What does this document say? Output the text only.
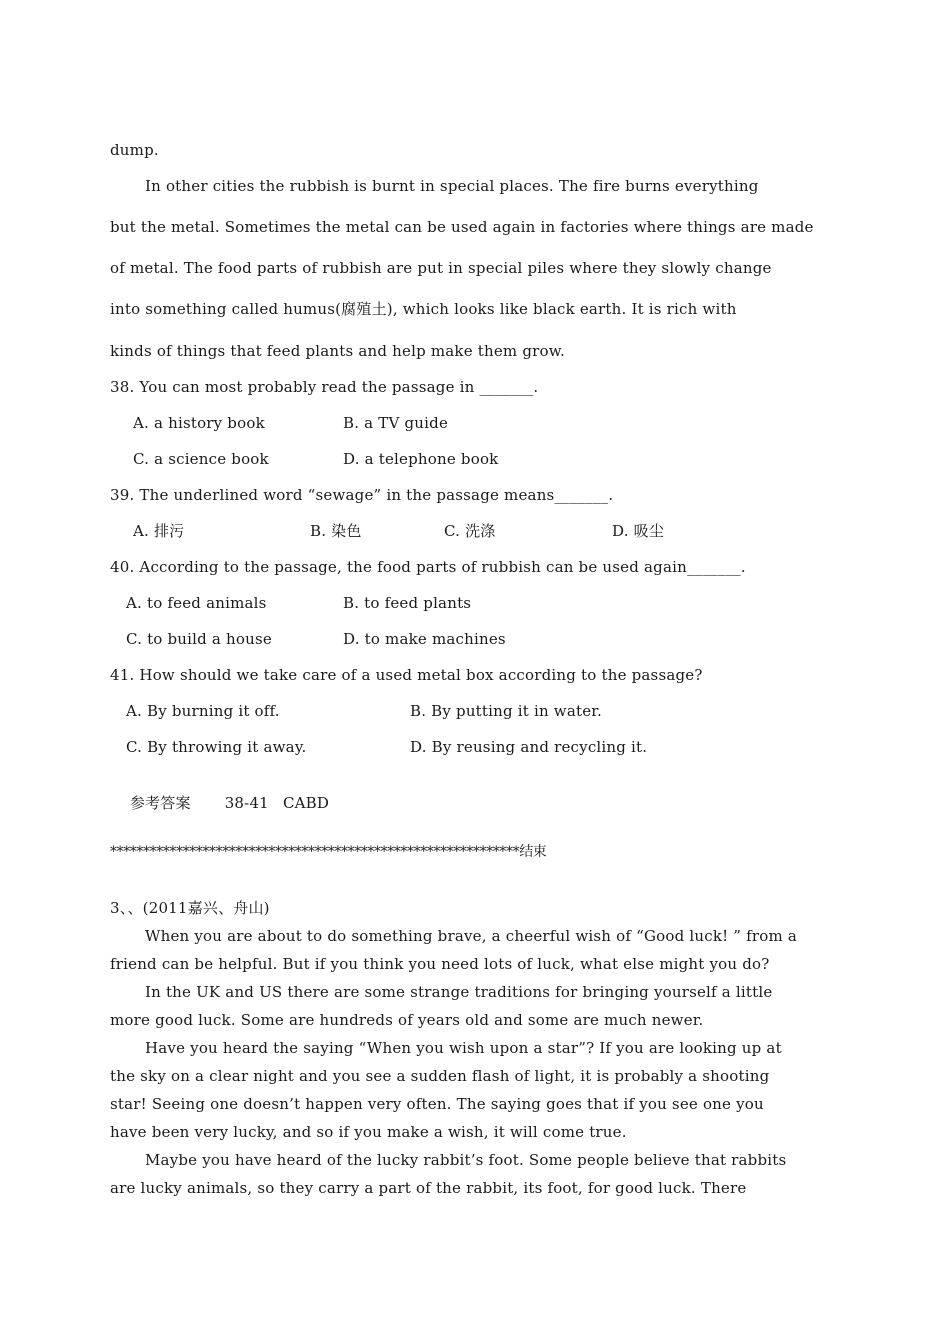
dump.
In other cities the rubbish is burnt in special places. The fire burns everything
but the metal. Sometimes the metal can be used again in factories where things are made
of metal. The food parts of rubbish are put in special piles where they slowly change
into something called humus(腐殖土), which looks like black earth. It is rich with
kinds of things that feed plants and help make them grow.
38. You can most probably read the passage in _______.
A. a history book	B. a TV guide
C. a science book	D. a telephone book
39. The underlined word “sewage” in the passage means_______.
A. 排污	B. 染色	C. 洗涤	D. 吸尘
40. According to the passage, the food parts of rubbish can be used again_______.
A. to feed animals	B. to feed plants
C. to build a house	D. to make machines
41. How should we take care of a used metal box according to the passage?
A. By burning it off.	B. By putting it in water.
C. By throwing it away.	D. By reusing and recycling it.

参考答案 38-41 CABD

**************************************************************结束
3、、(2011嘉兴、舟山)
When you are about to do something brave, a cheerful wish of “Good luck! ” from a
friend can be helpful. But if you think you need lots of luck, what else might you do?
In the UK and US there are some strange traditions for bringing yourself a little
more good luck. Some are hundreds of years old and some are much newer.
Have you heard the saying “When you wish upon a star”? If you are looking up at
the sky on a clear night and you see a sudden flash of light, it is probably a shooting
star! Seeing one doesn’t happen very often. The saying goes that if you see one you
have been very lucky, and so if you make a wish, it will come true.
Maybe you have heard of the lucky rabbit’s foot. Some people believe that rabbits
are lucky animals, so they carry a part of the rabbit, its foot, for good luck. There
